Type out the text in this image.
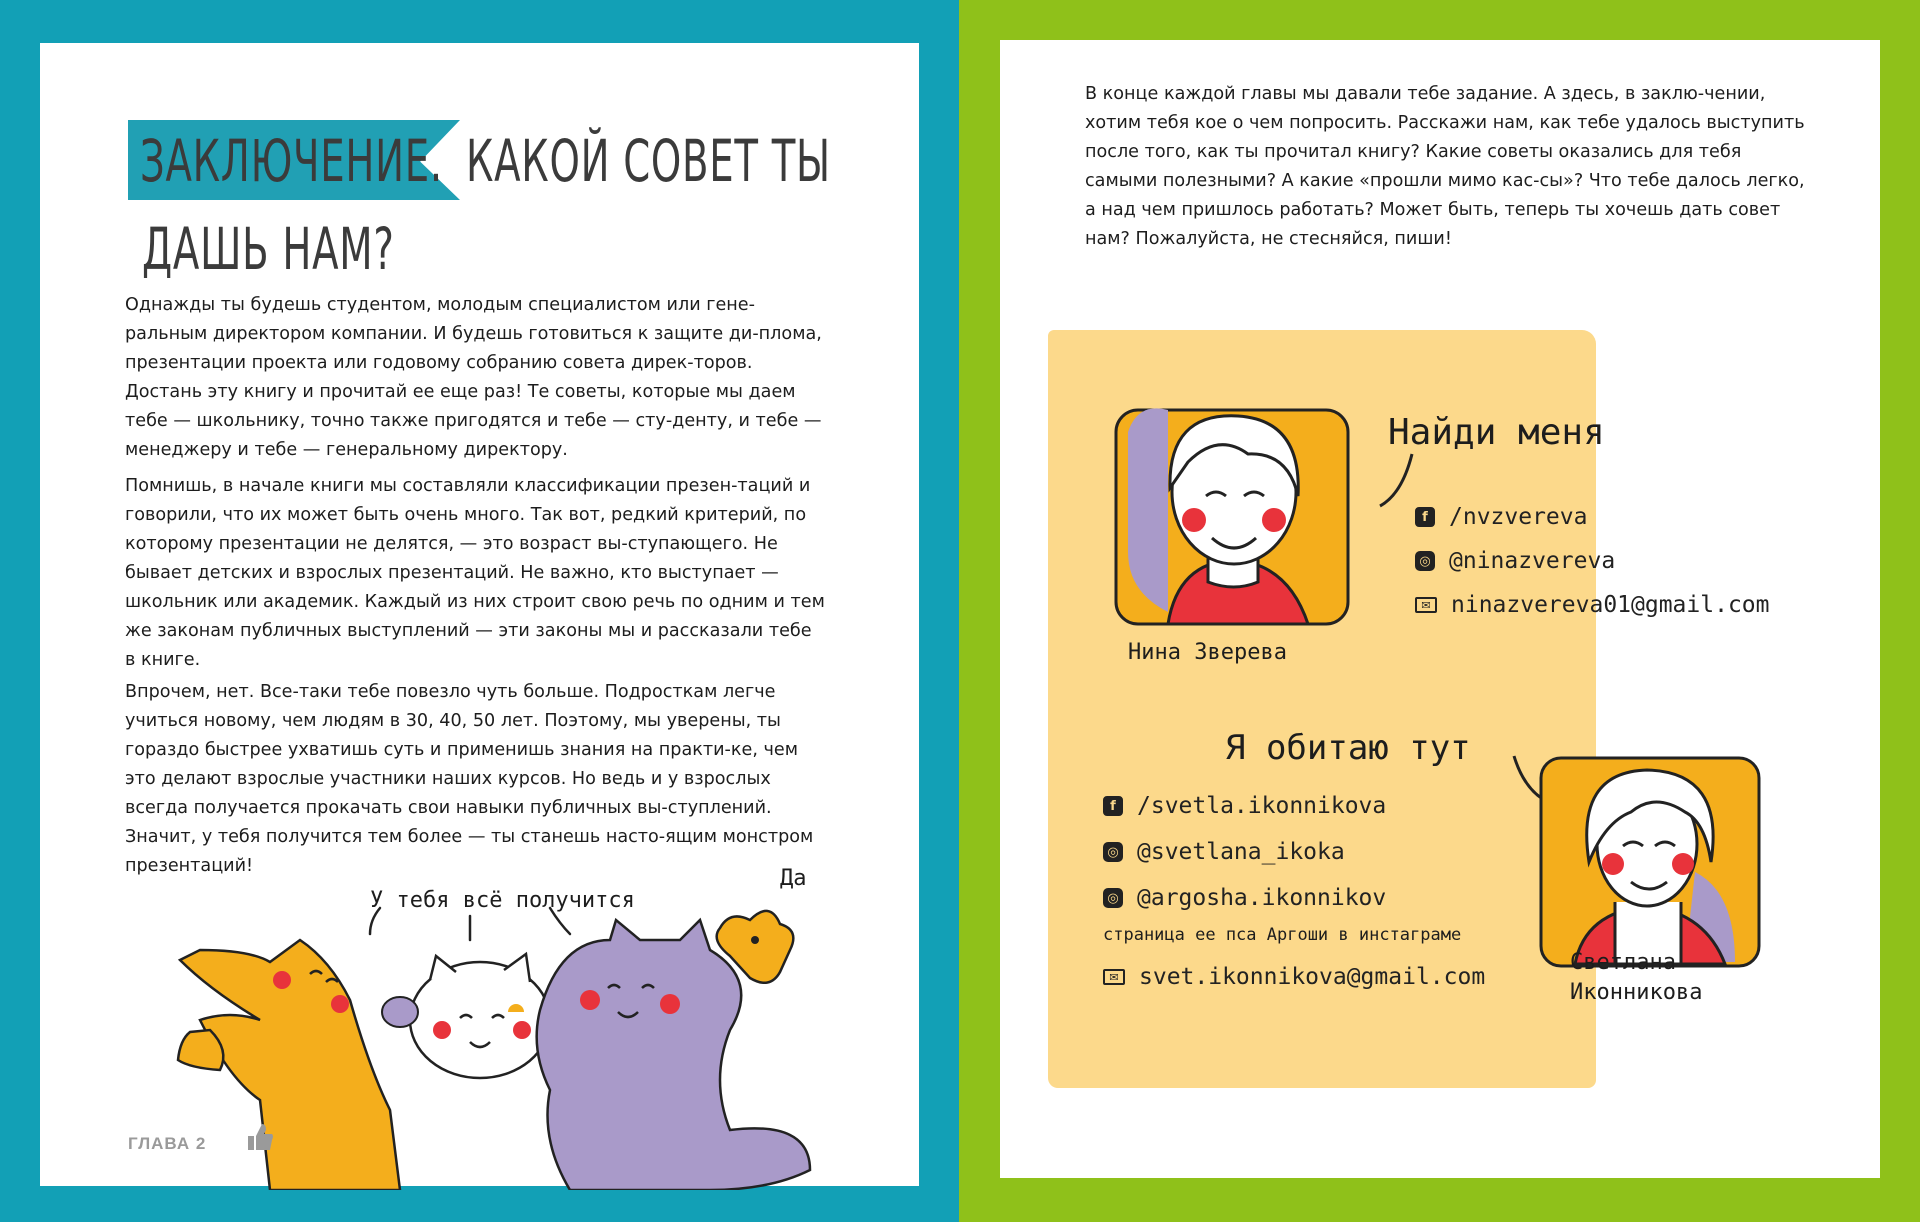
ЗАКЛЮЧЕНИЕ. КАКОЙ СОВЕТ ТЫ
ДАШЬ НАМ?

Однажды ты будешь студентом, молодым специалистом или гене-ральным директором компании. И будешь готовиться к защите ди-плома, презентации проекта или годовому собранию совета дирек-торов. Достань эту книгу и прочитай ее еще раз! Те советы, которые мы даем тебе — школьнику, точно также пригодятся и тебе — сту-денту, и тебе — менеджеру и тебе — генеральному директору.

Помнишь, в начале книги мы составляли классификации презен-таций и говорили, что их может быть очень много. Так вот, редкий критерий, по которому презентации не делятся, — это возраст вы-ступающего. Не бывает детских и взрослых презентаций. Не важно, кто выступает — школьник или академик. Каждый из них строит свою речь по одним и тем же законам публичных выступлений — эти законы мы и рассказали тебе в книге.

Впрочем, нет. Все-таки тебе повезло чуть больше. Подросткам легче учиться новому, чем людям в 30, 40, 50 лет. Поэтому, мы уверены, ты гораздо быстрее ухватишь суть и применишь знания на практи-ке, чем это делают взрослые участники наших курсов. Но ведь и у взрослых всегда получается прокачать свои навыки публичных вы-ступлений. Значит, у тебя получится тем более — ты станешь насто-ящим монстром презентаций!

У тебя всё получится
Да
ГЛАВА 2

В конце каждой главы мы давали тебе задание. А здесь, в заклю-чении, хотим тебя кое о чем попросить. Расскажи нам, как тебе удалось выступить после того, как ты прочитал книгу? Какие советы оказались для тебя самыми полезными? А какие «прошли мимо кас-сы»? Что тебе далось легко, а над чем пришлось работать? Может быть, теперь ты хочешь дать совет нам? Пожалуйста, не стесняйся, пиши!

Найди меня
Нина Зверева
f /nvzvereva
◎ @ninazvereva
✉ ninazvereva01@gmail.com
Я обитаю тут
f /svetla.ikonnikova
◎ @svetlana_ikoka
◎ @argosha.ikonnikov
страница ее пса Аргоши в инстаграме
✉ svet.ikonnikova@gmail.com
Светлана
Иконникова
